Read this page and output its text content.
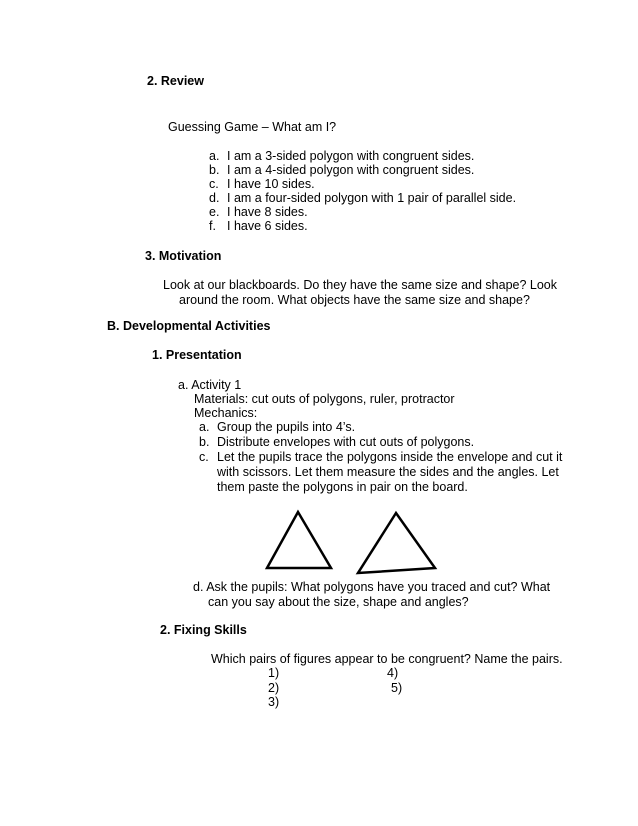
2. Review
Guessing Game – What am I?
a. I am a 3-sided polygon with congruent sides.
b. I am a 4-sided polygon with congruent sides.
c. I have 10 sides.
d. I am a four-sided polygon with 1 pair of parallel side.
e. I have 8 sides.
f. I have 6 sides.
3. Motivation
Look at our blackboards. Do they have the same size and shape? Look
around the room. What objects have the same size and shape?
B. Developmental Activities
1. Presentation
a. Activity 1
Materials: cut outs of polygons, ruler, protractor
Mechanics:
a. Group the pupils into 4’s.
b. Distribute envelopes with cut outs of polygons.
c. Let the pupils trace the polygons inside the envelope and cut it
with scissors. Let them measure the sides and the angles. Let
them paste the polygons in pair on the board.
d. Ask the pupils: What polygons have you traced and cut? What
can you say about the size, shape and angles?
2. Fixing Skills
Which pairs of figures appear to be congruent? Name the pairs.
1)
2)
3)
4)
5)
